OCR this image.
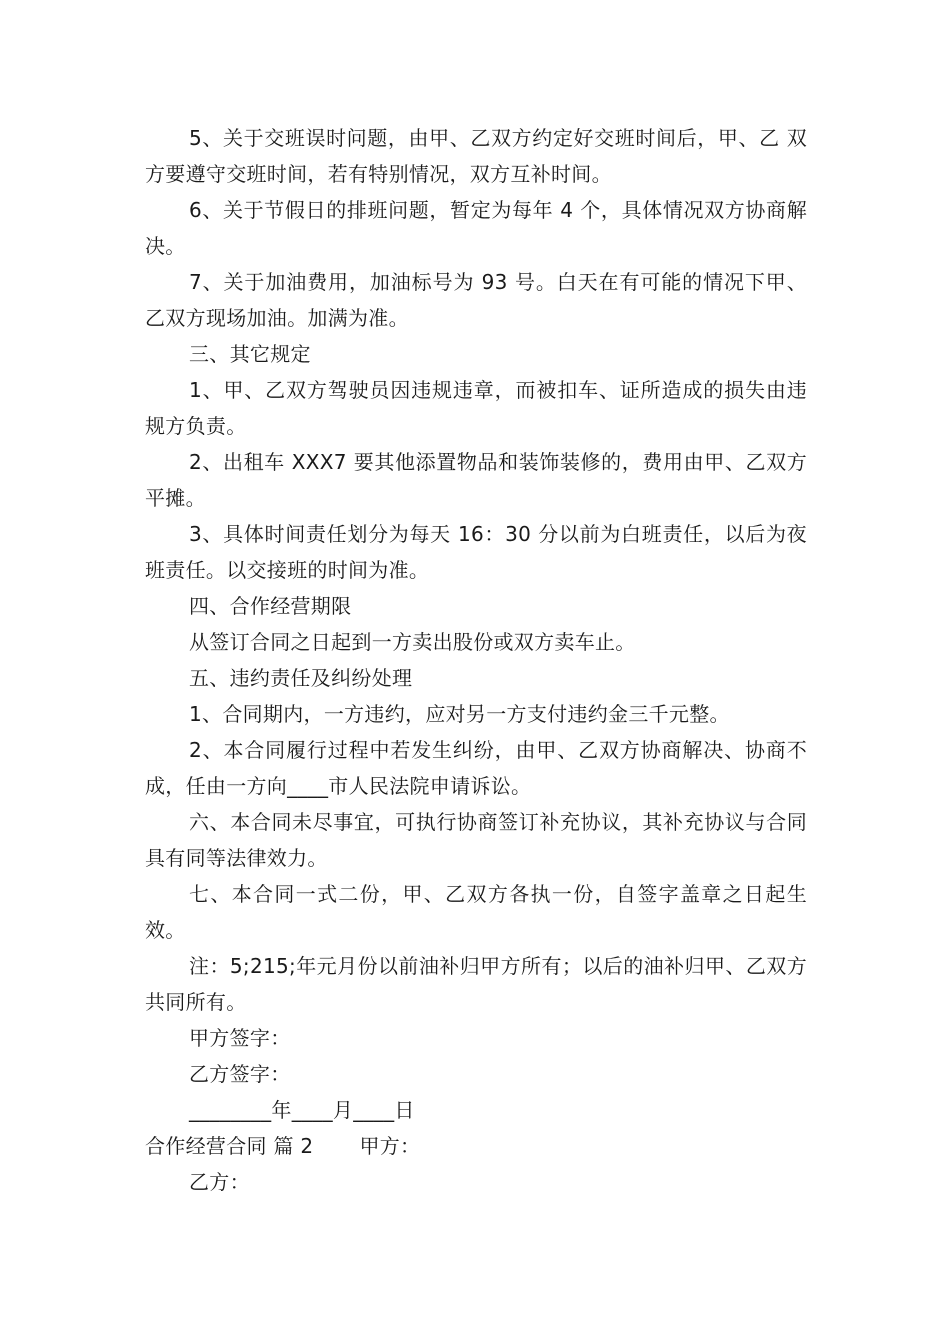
5、关于交班误时问题，由甲、乙双方约定好交班时间后，甲、乙 双方要遵守交班时间，若有特别情况，双方互补时间。

6、关于节假日的排班问题，暂定为每年 4 个，具体情况双方协商解决。

7、关于加油费用，加油标号为 93 号。白天在有可能的情况下甲、乙双方现场加油。加满为准。

三、其它规定

1、甲、乙双方驾驶员因违规违章，而被扣车、证所造成的损失由违规方负责。

2、出租车 XXX7 要其他添置物品和装饰装修的，费用由甲、乙双方平摊。

3、具体时间责任划分为每天 16：30 分以前为白班责任，以后为夜班责任。以交接班的时间为准。

四、合作经营期限

从签订合同之日起到一方卖出股份或双方卖车止。

五、违约责任及纠纷处理

1、合同期内，一方违约，应对另一方支付违约金三千元整。

2、本合同履行过程中若发生纠纷，由甲、乙双方协商解决、协商不成，任由一方向____市人民法院申请诉讼。

六、本合同未尽事宜，可执行协商签订补充协议，其补充协议与合同具有同等法律效力。

七、本合同一式二份，甲、乙双方各执一份，自签字盖章之日起生效。

注：5;215;年元月份以前油补归甲方所有；以后的油补归甲、乙双方共同所有。

甲方签字：

乙方签字：

________年____月____日

合作经营合同 篇 2 甲方：

乙方：
